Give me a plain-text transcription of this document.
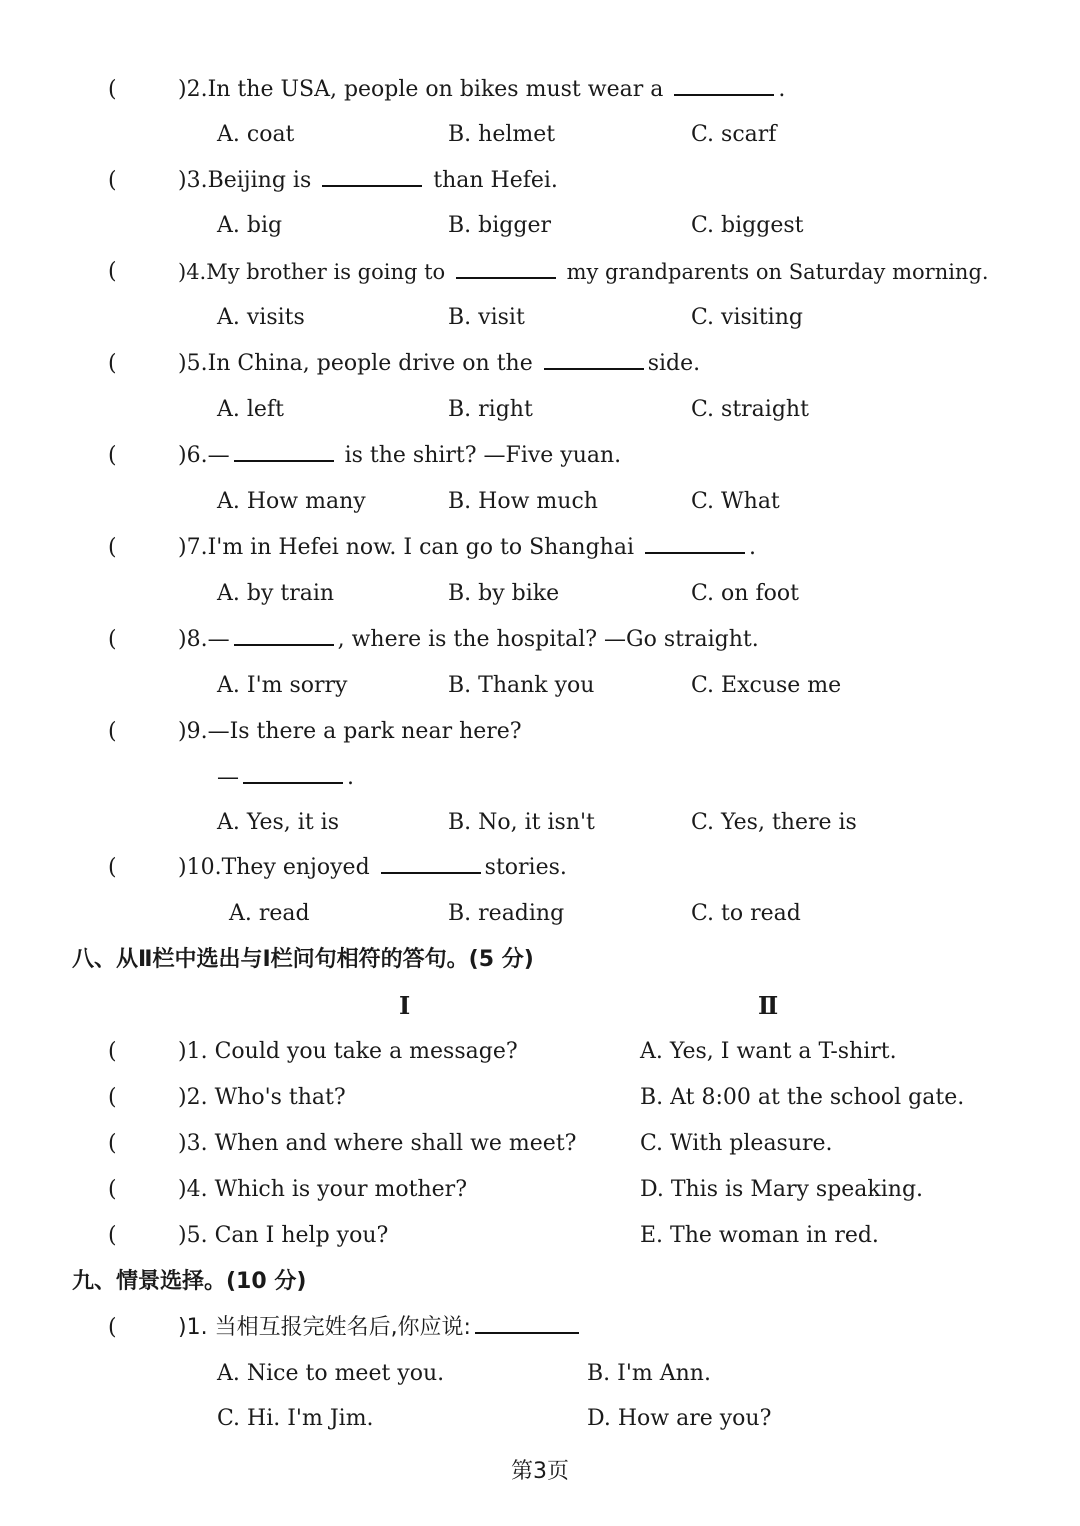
(	)2.In the USA, people on bikes must wear a	.
A. coat	B. helmet	C. scarf
(	)3.Beijing is	than Hefei.
A. big	B. bigger	C. biggest
(	)4.My brother is going to	my grandparents on Saturday morning.
A. visits	B. visit	C. visiting
(	)5.In China, people drive on the	side.
A. left	B. right	C. straight
(	)6.—	is the shirt? —Five yuan.
A. How many	B. How much	C. What
(	)7.I'm in Hefei now. I can go to Shanghai	.
A. by train	B. by bike	C. on foot
(	)8.—	, where is the hospital? —Go straight.
A. I'm sorry	B. Thank you	C. Excuse me
(	)9.—Is there a park near here?
—	.
A. Yes, it is	B. No, it isn't	C. Yes, there is
(	)10.They enjoyed	stories.
A. read	B. reading	C. to read
八、从Ⅱ栏中选出与Ⅰ栏问句相符的答句。(5 分)
I	Ⅱ
(	)1. Could you take a message?	A. Yes, I want a T-shirt.
(	)2. Who's that?	B. At 8:00 at the school gate.
(	)3. When and where shall we meet?	C. With pleasure.
(	)4. Which is your mother?	D. This is Mary speaking.
(	)5. Can I help you?	E. The woman in red.
九、情景选择。(10 分)
(	)1. 当相互报完姓名后,你应说:
A. Nice to meet you.	B. I'm Ann.
C. Hi. I'm Jim.	D. How are you?
第3页
